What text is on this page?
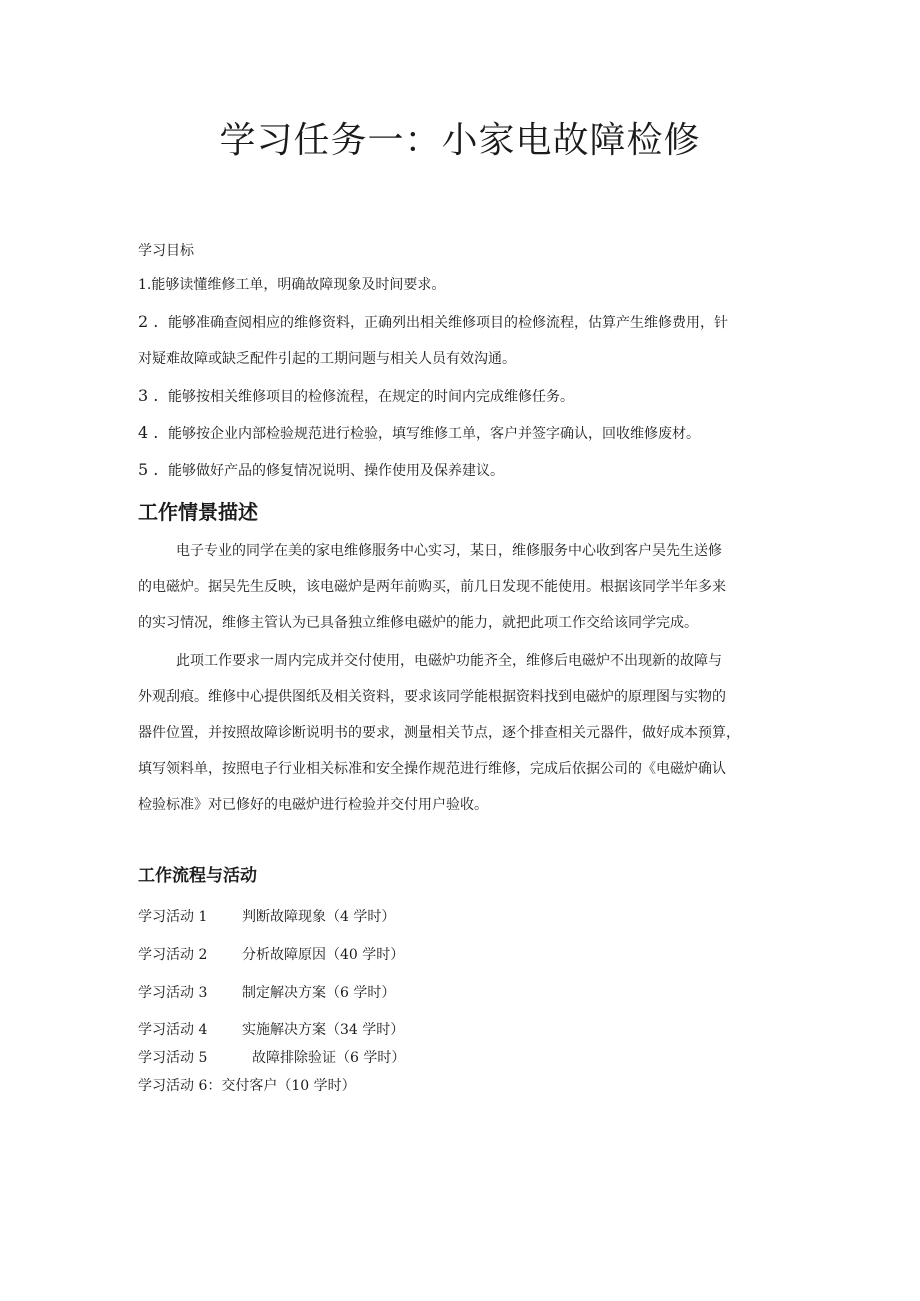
学习任务一：小家电故障检修

学习目标

1.能够读懂维修工单，明确故障现象及时间要求。

2 . 能够准确查阅相应的维修资料，正确列出相关维修项目的检修流程，估算产生维修费用，针

对疑难故障或缺乏配件引起的工期问题与相关人员有效沟通。

3 . 能够按相关维修项目的检修流程，在规定的时间内完成维修任务。

4 . 能够按企业内部检验规范进行检验，填写维修工单，客户并签字确认，回收维修废材。

5 . 能够做好产品的修复情况说明、操作使用及保养建议。

工作情景描述

电子专业的同学在美的家电维修服务中心实习，某日，维修服务中心收到客户吴先生送修

的电磁炉。据吴先生反映，该电磁炉是两年前购买，前几日发现不能使用。根据该同学半年多来

的实习情况，维修主管认为已具备独立维修电磁炉的能力，就把此项工作交给该同学完成。

此项工作要求一周内完成并交付使用，电磁炉功能齐全，维修后电磁炉不出现新的故障与

外观刮痕。维修中心提供图纸及相关资料，要求该同学能根据资料找到电磁炉的原理图与实物的

器件位置，并按照故障诊断说明书的要求，测量相关节点，逐个排查相关元器件，做好成本预算，

填写领料单，按照电子行业相关标准和安全操作规范进行维修，完成后依据公司的《电磁炉确认

检验标准》对已修好的电磁炉进行检验并交付用户验收。

工作流程与活动

学习活动 1 判断故障现象（4 学时）

学习活动 2 分析故障原因（40 学时）

学习活动 3 制定解决方案（6 学时）

学习活动 4 实施解决方案（34 学时）

学习活动 5	故障排除验证（6 学时）

学习活动 6：交付客户（10 学时）
